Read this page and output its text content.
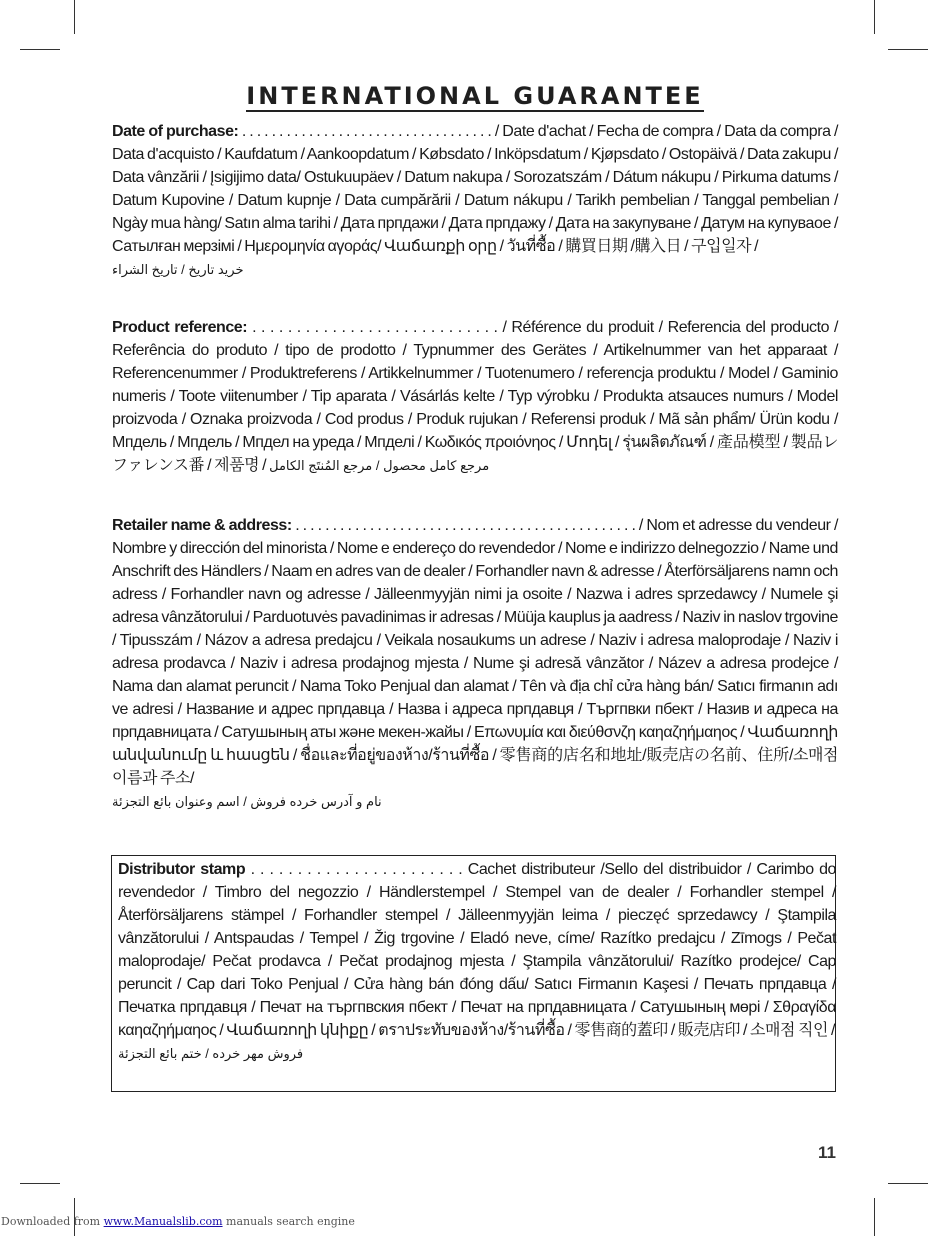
INTERNATIONAL GUARANTEE

Date of purchase: . . . . . . . . . . . . . . . . . . . . . . . . . . . . . . . . . . / Date d'achat / Fecha de compra / Data da compra / Data d'acquisto / Kaufdatum / Aankoopdatum / Købsdato / Inköpsdatum / Kjøpsdato / Ostopäivä / Data zakupu / Data vânzării / Įsigijimo data/ Ostukuupäev / Datum nakupa / Sorozatszám / Dátum nákupu / Pirkuma datums / Datum Kupovine / Datum kupnje / Data cumpărării / Datum nákupu / Tarikh pembelian / Tanggal pembelian / Ngày mua hàng/ Satın alma tarihi / Дата прпдажи / Дата прпдажу / Дата на закупуване / Датум на купуваое / Сатылған мерзімі / Ημερομηνία αγοράς/ Վաճառքի օրը / วันที่ซื้อ / 購買日期 /購入日 / 구입일자 /

خرید تاریخ / تاريخ الشراء

Product reference: . . . . . . . . . . . . . . . . . . . . . . . . . . . . / Référence du produit / Referencia del producto / Referência do produto / tipo de prodotto / Typnummer des Gerätes / Artikelnummer van het apparaat / Referencenummer / Produktreferens / Artikkelnummer / Tuotenumero / referencja produktu / Model / Gaminio numeris / Toote viitenumber / Tip aparata / Vásárlás kelte / Typ výrobku / Produkta atsauces numurs / Model proizvoda / Oznaka proizvoda / Cod produs / Produk rujukan / Referensi produk / Mã sản phẩm/ Ürün kodu / Мпдель / Мпдель / Мпдел на уреда / Мпделі / Κωδικός προιόνηος / Մոդել / รุ่นผลิตภัณฑ์ / 產品模型 / 製品レファレンス番 / 제품명 / مرجع کامل محصول / مرجع المُنتَج الكامل

Retailer name & address: . . . . . . . . . . . . . . . . . . . . . . . . . . . . . . . . . . . . . . . . . . . . . . / Nom et adresse du vendeur / Nombre y dirección del minorista / Nome e endereço do revendedor / Nome e indirizzo delnegozzio / Name und Anschrift des Händlers / Naam en adres van de dealer / Forhandler navn & adresse / Återförsäljarens namn och adress / Forhandler navn og adresse / Jälleenmyyjän nimi ja osoite / Nazwa i adres sprzedawcy / Numele şi adresa vânzătorului / Parduotuvės pavadinimas ir adresas / Müüja kauplus ja aadress / Naziv in naslov trgovine / Tipusszám / Názov a adresa predajcu / Veikala nosaukums un adrese / Naziv i adresa maloprodaje / Naziv i adresa prodavca / Naziv i adresa prodajnog mjesta / Nume şi adresă vânzător / Název a adresa prodejce / Nama dan alamat peruncit / Nama Toko Penjual dan alamat / Tên và địa chỉ cửa hàng bán/ Satıcı firmanın adı ve adresi / Название и адрес прпдавца / Назва і адреса прпдавця / Търгпвки пбект / Назив и адреса на прпдавницата / Сатушының аты және мекен-жайы / Επωνυμία και διεύθσνζη καηαζηήμαηος / Վաճառողի անվանումը և հասցեն / ชื่อและที่อยู่ของห้าง/ร้านที่ซื้อ / 零售商的店名和地址/販売店の名前、住所/소매점 이름과 주소/

نام و آدرس خرده فروش / اسم وعنوان بائع التجزئة

Distributor stamp . . . . . . . . . . . . . . . . . . . . . . . Cachet distributeur /Sello del distribuidor / Carimbo do revendedor / Timbro del negozzio / Händlerstempel / Stempel van de dealer / Forhandler stempel / Återförsäljarens stämpel / Forhandler stempel / Jälleenmyyjän leima / pieczęć sprzedawcy / Ştampila vânzătorului / Antspaudas / Tempel / Žig trgovine / Eladó neve, címe/ Razítko predajcu / Zīmogs / Pečat maloprodaje/ Pečat prodavca / Pečat prodajnog mjesta / Ştampila vânzătorului/ Razítko prodejce/ Cap peruncit / Cap dari Toko Penjual / Cửa hàng bán đóng dấu/ Satıcı Firmanın Kaşesi / Печать прпдавца / Печатка прпдавця / Печат на търгпвския пбект / Печат на прпдавницата / Сатушының мөрі / Σθραγίδα καηαζηήμαηος / Վաճառողի կնիքը / ตราประทับของห้าง/ร้านที่ซื้อ / 零售商的蓋印 / 販売店印 / 소매점 직인 /

فروش مهر خرده / ختم بائع التجزئة

11
Downloaded from www.Manualslib.com manuals search engine
